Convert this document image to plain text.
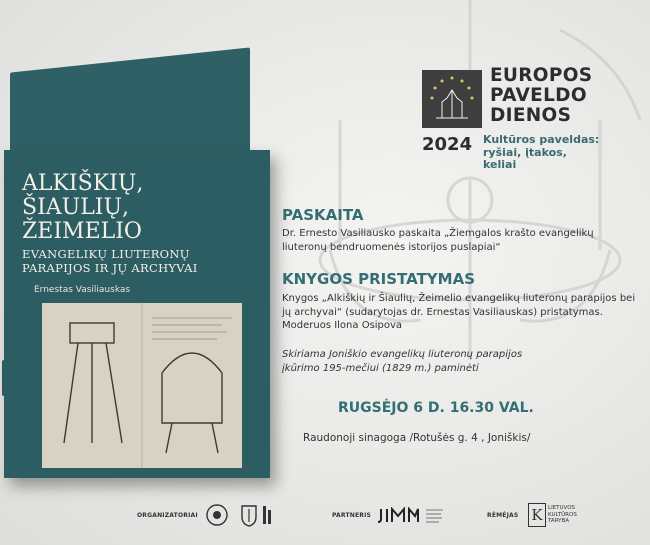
ALKIŠKIŲ,
ŠIAULIŲ,
ŽEIMELIO
EVANGELIKŲ LIUTERONŲ
PARAPIJOS IR JŲ ARCHYVAI
Ernestas Vasiliauskas
EUROPOS
PAVELDO
DIENOS
2024 Kultūros paveldas:
ryšiai, įtakos,
keliai
PASKAITA
Dr. Ernesto Vasiliausko paskaita „Žiemgalos krašto evangelikų
liuteronų bendruomenės istorijos puslapiai“
KNYGOS PRISTATYMAS
Knygos „Alkiškių ir Šiaulių, Žeimelio evangelikų liuteronų parapijos bei
jų archyvai“ (sudarytojas dr. Ernestas Vasiliauskas) pristatymas.
Moderuos Ilona Osipova
Skiriama Joniškio evangelikų liuteronų parapijos
įkūrimo 195-mečiui (1829 m.) paminėti
RUGSĖJO 6 D. 16.30 VAL.
Raudonoji sinagoga /Rotušės g. 4 , Joniškis/
ORGANIZATORIAI	PARTNERIS	RĖMĖJAS K LIETUVOS
KULTŪROS
TARYBA
